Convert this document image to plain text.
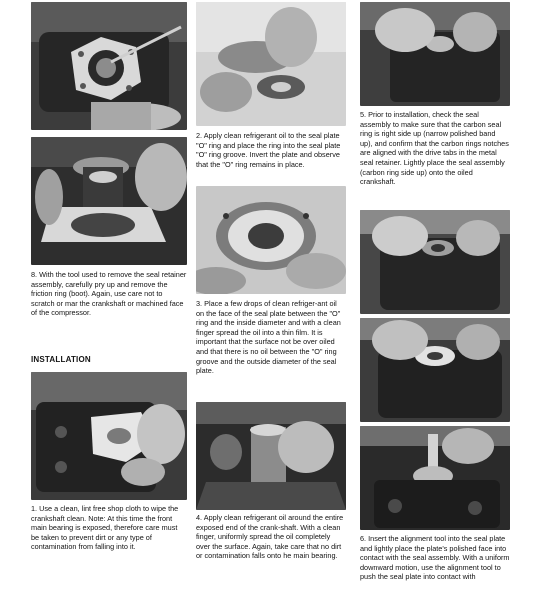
8. With the tool used to remove the seal retainer assembly, carefully pry up and remove the friction ring (boot). Again, use care not to scratch or mar the crankshaft or machined face of the compressor.

INSTALLATION

1. Use a clean, lint free shop cloth to wipe the crankshaft clean. Note: At this time the front main bearing is exposed, therefore care must be taken to prevent dirt or any type of contamination from falling into it.

2. Apply clean refrigerant oil to the seal plate "O" ring and place the ring into the seal plate "O" ring groove. Invert the plate and observe that the "O" ring remains in place.

3. Place a few drops of clean refriger-ant oil on the face of the seal plate between the "O" ring and the inside diameter and with a clean finger spread the oil into a thin film. It is important that the surface not be over oiled and that there is no oil between the "O" ring groove and the outside diameter of the seal plate.

4. Apply clean refrigerant oil around the entire exposed end of the crank-shaft. With a clean finger, uniformly spread the oil completely over the surface. Again, take care that no dirt or contamination falls onto he main bearing.

5. Prior to installation, check the seal assembly to make sure that the carbon seal ring is right side up (narrow polished band up), and confirm that the carbon rings notches are aligned with the drive tabs in the metal seal retainer. Lightly place the seal assembly (carbon ring side up) onto the oiled crankshaft.

6. Insert the alignment tool into the seal plate and lightly place the plate's polished face into contact with the seal assembly. With a uniform downward motion, use the alignment tool to push the seal plate into contact with
